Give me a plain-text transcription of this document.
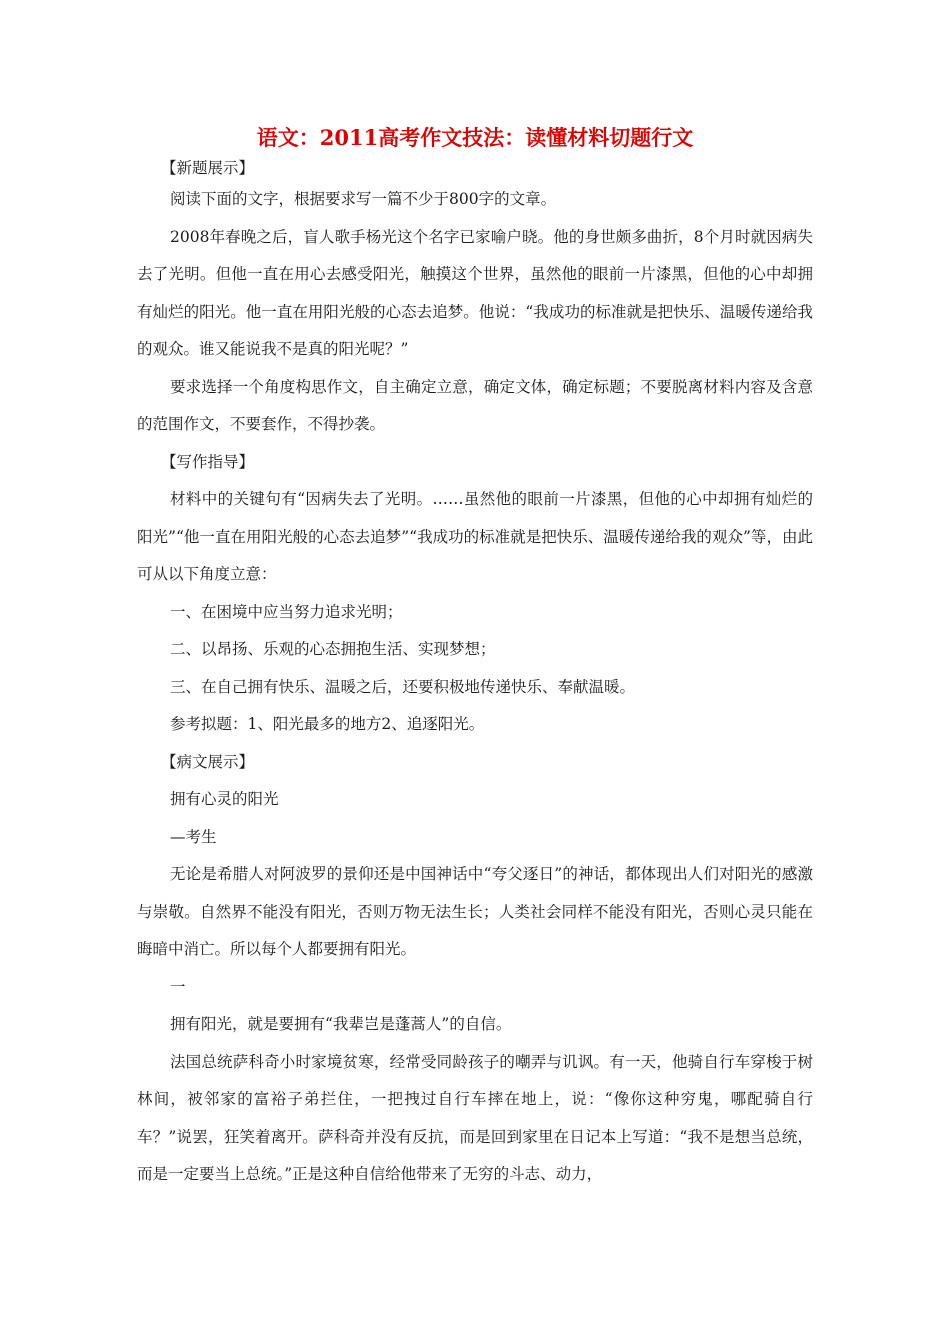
语文：2011高考作文技法：读懂材料切题行文

【新题展示】

阅读下面的文字，根据要求写一篇不少于800字的文章。

2008年春晚之后，盲人歌手杨光这个名字已家喻户晓。他的身世颇多曲折，8个月时就因病失去了光明。但他一直在用心去感受阳光，触摸这个世界，虽然他的眼前一片漆黑，但他的心中却拥有灿烂的阳光。他一直在用阳光般的心态去追梦。他说：“我成功的标准就是把快乐、温暖传递给我的观众。谁又能说我不是真的阳光呢？”

要求选择一个角度构思作文，自主确定立意，确定文体，确定标题；不要脱离材料内容及含意的范围作文，不要套作，不得抄袭。

【写作指导】

材料中的关键句有“因病失去了光明。……虽然他的眼前一片漆黑，但他的心中却拥有灿烂的阳光”“他一直在用阳光般的心态去追梦”“我成功的标准就是把快乐、温暖传递给我的观众”等，由此可从以下角度立意：

一、在困境中应当努力追求光明；

二、以昂扬、乐观的心态拥抱生活、实现梦想；

三、在自己拥有快乐、温暖之后，还要积极地传递快乐、奉献温暖。

参考拟题：1、阳光最多的地方2、追逐阳光。

【病文展示】

拥有心灵的阳光

—考生

无论是希腊人对阿波罗的景仰还是中国神话中“夸父逐日”的神话，都体现出人们对阳光的感激与崇敬。自然界不能没有阳光，否则万物无法生长；人类社会同样不能没有阳光，否则心灵只能在晦暗中消亡。所以每个人都要拥有阳光。

一

拥有阳光，就是要拥有“我辈岂是蓬蒿人”的自信。

法国总统萨科奇小时家境贫寒，经常受同龄孩子的嘲弄与讥讽。有一天，他骑自行车穿梭于树林间，被邻家的富裕子弟拦住，一把拽过自行车摔在地上，说：“像你这种穷鬼，哪配骑自行车？”说罢，狂笑着离开。萨科奇并没有反抗，而是回到家里在日记本上写道：“我不是想当总统，而是一定要当上总统。”正是这种自信给他带来了无穷的斗志、动力，
